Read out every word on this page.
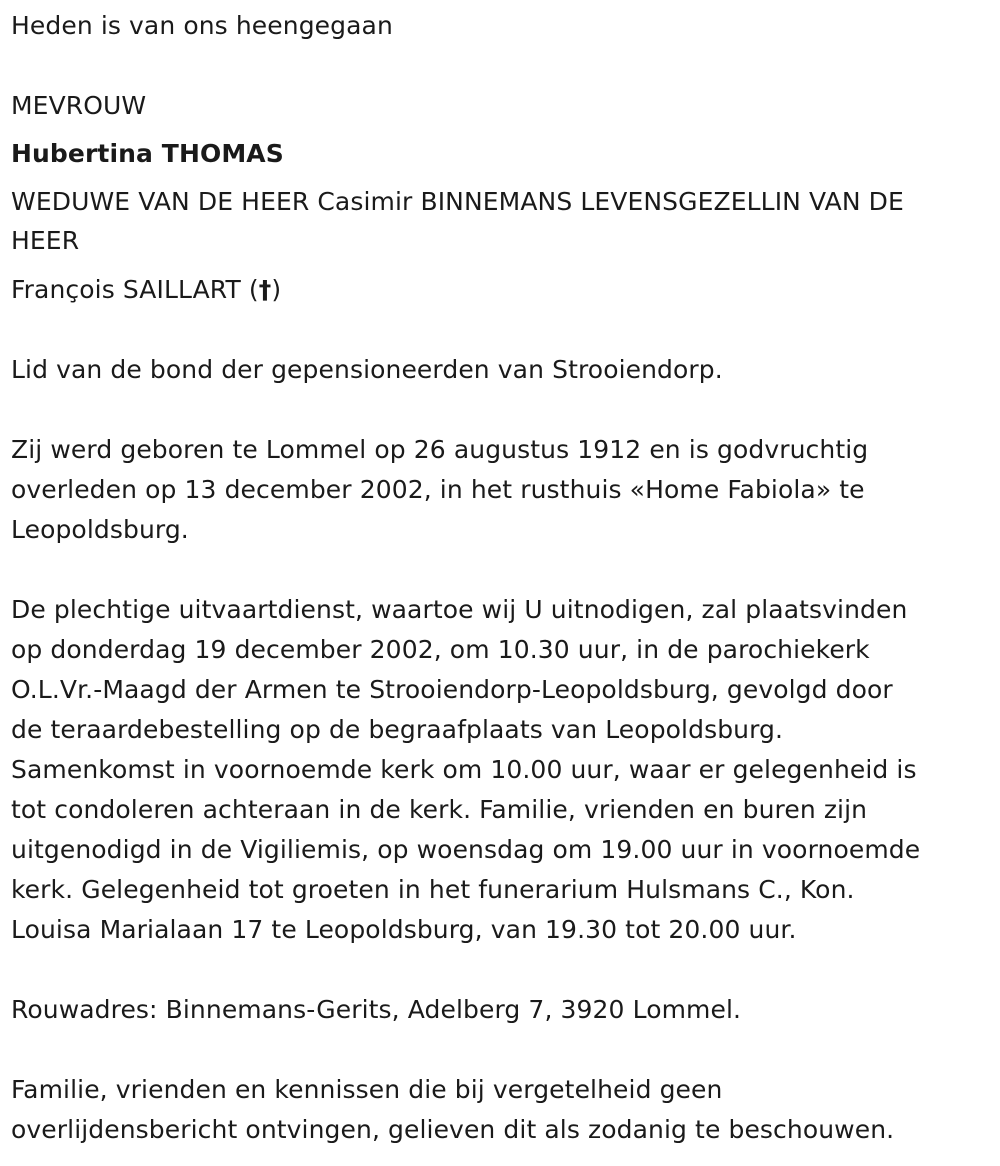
Heden is van ons heengegaan
MEVROUW
Hubertina THOMAS
WEDUWE VAN DE HEER Casimir BINNEMANS LEVENSGEZELLIN VAN DE
HEER
François SAILLART (†)
Lid van de bond der gepensioneerden van Strooiendorp.
Zij werd geboren te Lommel op 26 augustus 1912 en is godvruchtig
overleden op 13 december 2002, in het rusthuis «Home Fabiola» te
Leopoldsburg.
De plechtige uitvaartdienst, waartoe wij U uitnodigen, zal plaatsvinden
op donderdag 19 december 2002, om 10.30 uur, in de parochiekerk
O.L.Vr.-Maagd der Armen te Strooiendorp-Leopoldsburg, gevolgd door
de teraardebestelling op de begraafplaats van Leopoldsburg.
Samenkomst in voornoemde kerk om 10.00 uur, waar er gelegenheid is
tot condoleren achteraan in de kerk. Familie, vrienden en buren zijn
uitgenodigd in de Vigiliemis, op woensdag om 19.00 uur in voornoemde
kerk. Gelegenheid tot groeten in het funerarium Hulsmans C., Kon.
Louisa Marialaan 17 te Leopoldsburg, van 19.30 tot 20.00 uur.
Rouwadres: Binnemans-Gerits, Adelberg 7, 3920 Lommel.
Familie, vrienden en kennissen die bij vergetelheid geen
overlijdensbericht ontvingen, gelieven dit als zodanig te beschouwen.
